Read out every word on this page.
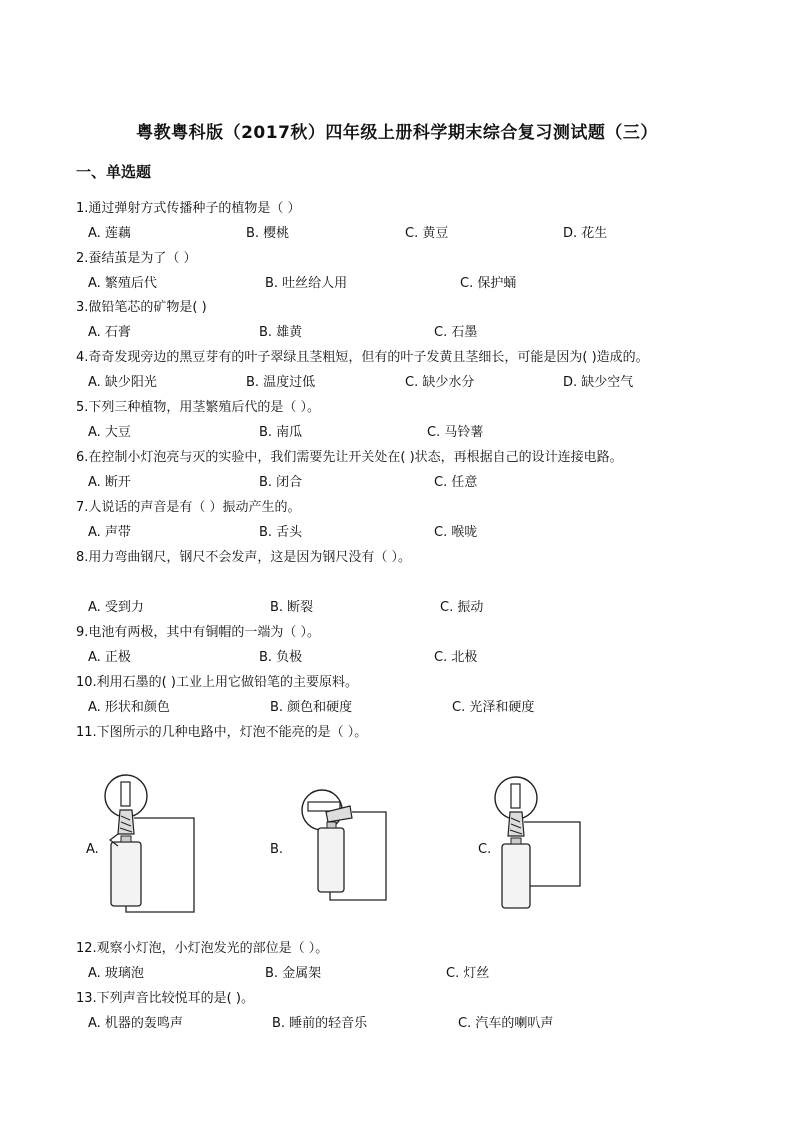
粤教粤科版（2017秋）四年级上册科学期末综合复习测试题（三）
一、单选题
1.通过弹射方式传播种子的植物是（ ）
A. 莲藕	B. 樱桃	C. 黄豆	D. 花生
2.蚕结茧是为了（ ）
A. 繁殖后代	B. 吐丝给人用	C. 保护蛹
3.做铅笔芯的矿物是( )
A. 石膏	B. 雄黄	C. 石墨
4.奇奇发现旁边的黑豆芽有的叶子翠绿且茎粗短，但有的叶子发黄且茎细长，可能是因为( )造成的。
A. 缺少阳光	B. 温度过低	C. 缺少水分	D. 缺少空气
5.下列三种植物，用茎繁殖后代的是（ ）。
A. 大豆	B. 南瓜	C. 马铃薯
6.在控制小灯泡亮与灭的实验中，我们需要先让开关处在( )状态，再根据自己的设计连接电路。
A. 断开	B. 闭合	C. 任意
7.人说话的声音是有（ ）振动产生的。
A. 声带	B. 舌头	C. 喉咙
8.用力弯曲钢尺，钢尺不会发声，这是因为钢尺没有（ ）。
A. 受到力	B. 断裂	C. 振动
9.电池有两极，其中有铜帽的一端为（ ）。
A. 正极	B. 负极	C. 北极
10.利用石墨的( )工业上用它做铅笔的主要原料。
A. 形状和颜色	B. 颜色和硬度	C. 光泽和硬度
11.下图所示的几种电路中，灯泡不能亮的是（ ）。
A.	B.	C.
12.观察小灯泡，小灯泡发光的部位是（ ）。
A. 玻璃泡	B. 金属架	C. 灯丝
13.下列声音比较悦耳的是( )。
A. 机器的轰鸣声	B. 睡前的轻音乐	C. 汽车的喇叭声
